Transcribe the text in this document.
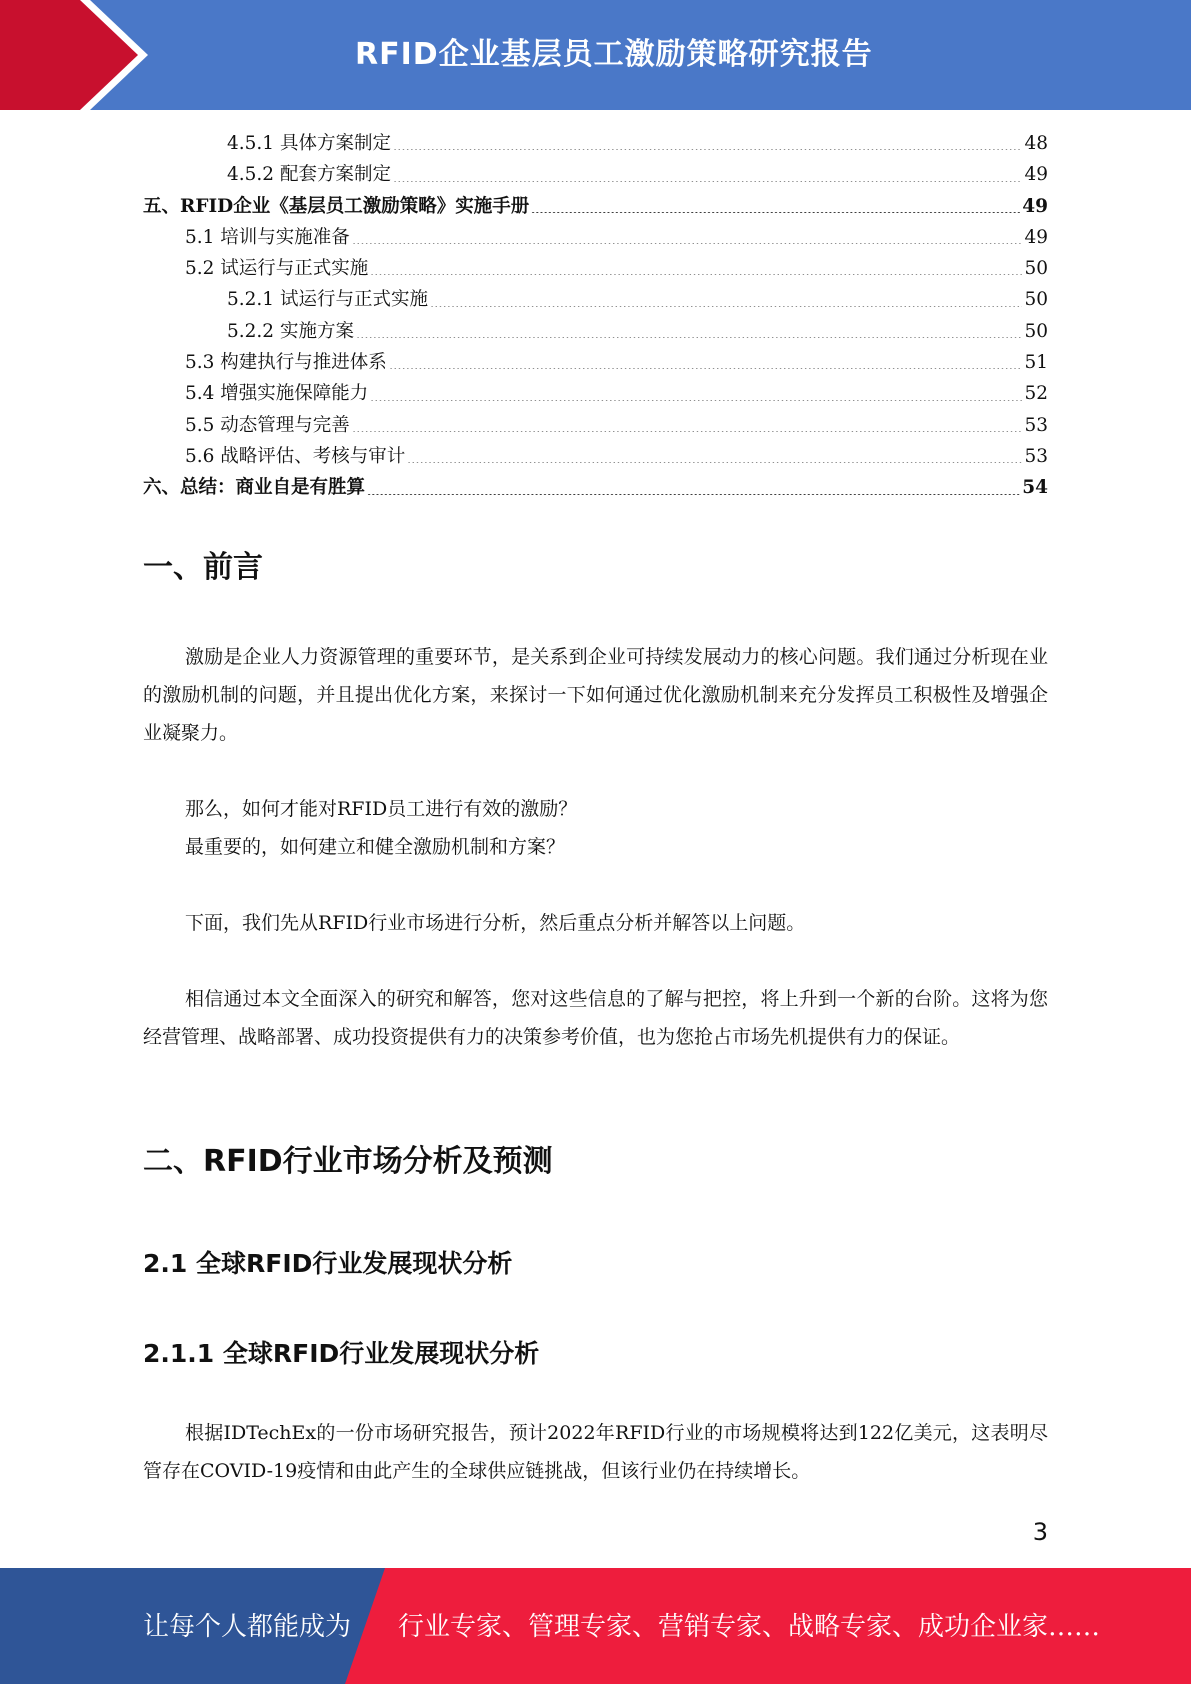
RFID企业基层员工激励策略研究报告
4.5.1 具体方案制定	48
4.5.2 配套方案制定	49
五、RFID企业《基层员工激励策略》实施手册	49
5.1 培训与实施准备	49
5.2 试运行与正式实施	50
5.2.1 试运行与正式实施	50
5.2.2 实施方案	50
5.3 构建执行与推进体系	51
5.4 增强实施保障能力	52
5.5 动态管理与完善	53
5.6 战略评估、考核与审计	53
六、总结：商业自是有胜算	54
一、前言
激励是企业人力资源管理的重要环节，是关系到企业可持续发展动力的核心问题。我们通过分析现在业的激励机制的问题，并且提出优化方案，来探讨一下如何通过优化激励机制来充分发挥员工积极性及增强企业凝聚力。
那么，如何才能对RFID员工进行有效的激励？
最重要的，如何建立和健全激励机制和方案？
下面，我们先从RFID行业市场进行分析，然后重点分析并解答以上问题。
相信通过本文全面深入的研究和解答，您对这些信息的了解与把控，将上升到一个新的台阶。这将为您经营管理、战略部署、成功投资提供有力的决策参考价值，也为您抢占市场先机提供有力的保证。
二、RFID行业市场分析及预测
2.1 全球RFID行业发展现状分析
2.1.1 全球RFID行业发展现状分析
根据IDTechEx的一份市场研究报告，预计2022年RFID行业的市场规模将达到122亿美元，这表明尽管存在COVID-19疫情和由此产生的全球供应链挑战，但该行业仍在持续增长。
3
让每个人都能成为 行业专家、管理专家、营销专家、战略专家、成功企业家……
